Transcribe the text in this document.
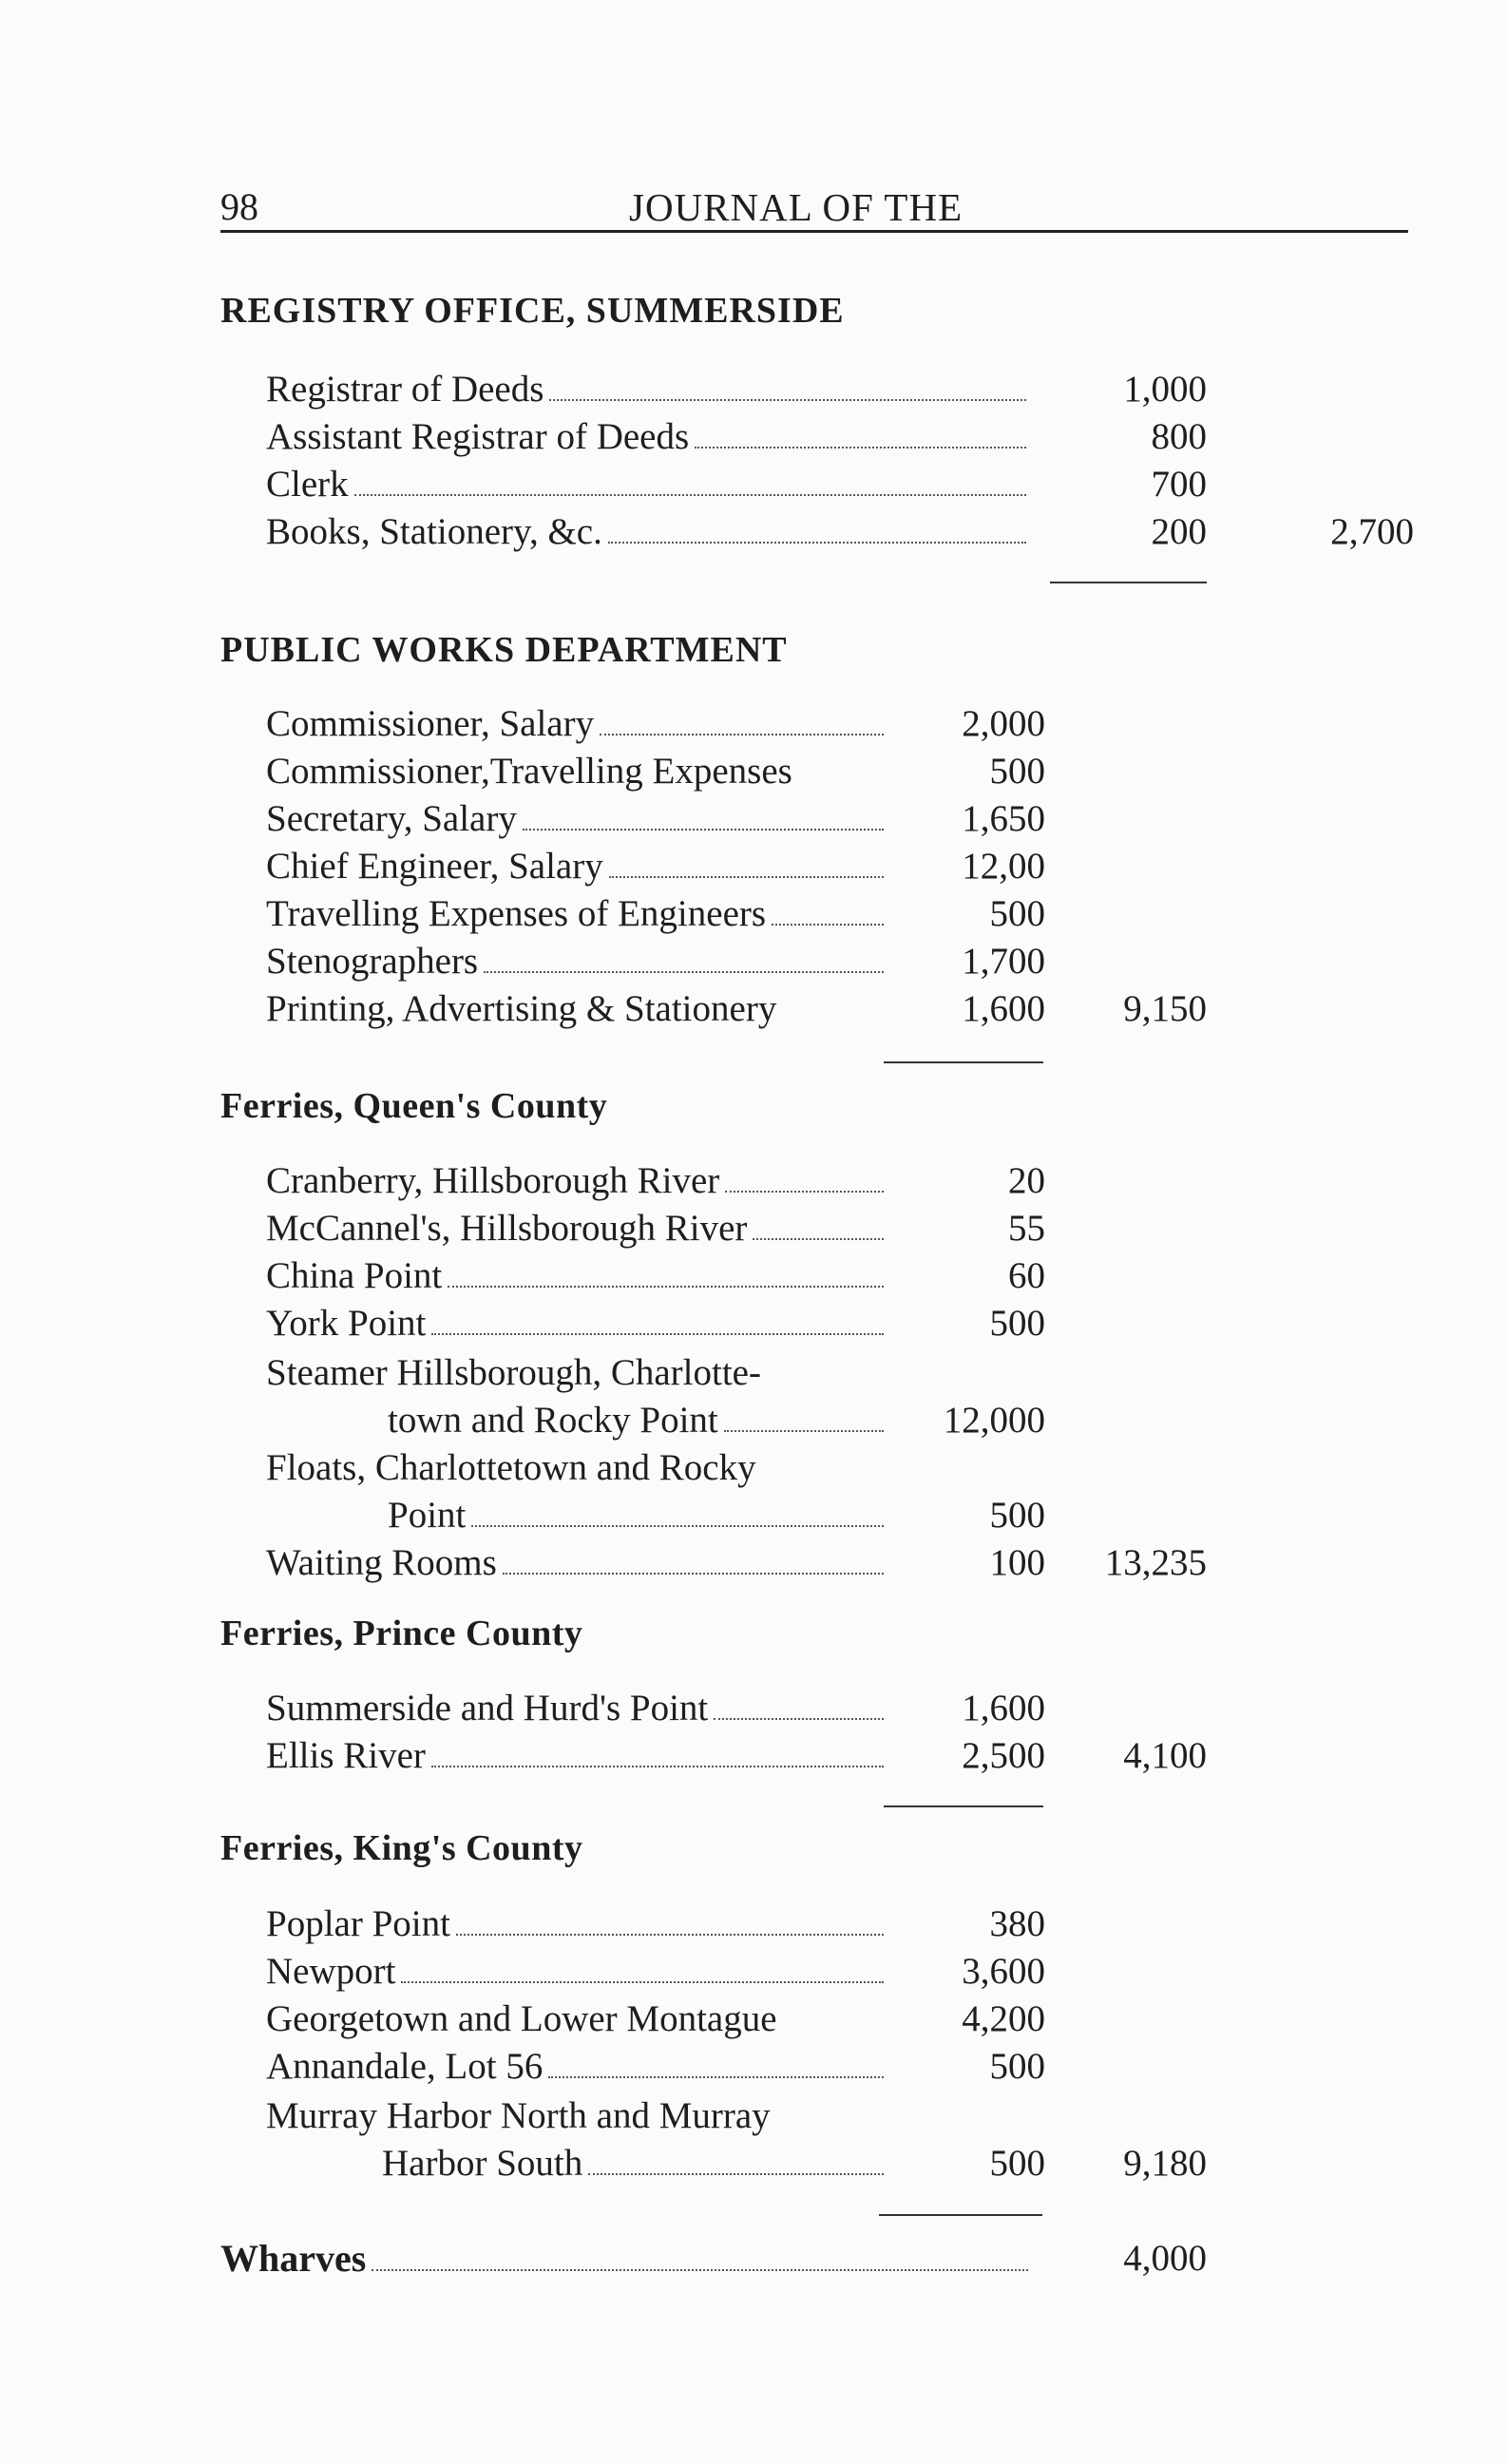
98	JOURNAL OF THE
REGISTRY OFFICE, SUMMERSIDE
Registrar of Deeds	1,000
Assistant Registrar of Deeds	800
Clerk	700
Books, Stationery, &c.	200	2,700
PUBLIC WORKS DEPARTMENT
Commissioner, Salary	2,000
Commissioner,Travelling Expenses	500
Secretary, Salary	1,650
Chief Engineer, Salary	12,00
Travelling Expenses of Engineers	500
Stenographers	1,700
Printing, Advertising & Stationery	1,600	9,150
Ferries, Queen's County
Cranberry, Hillsborough River	20
McCannel's, Hillsborough River	55
China Point	60
York Point	500
Steamer Hillsborough, Charlotte-
town and Rocky Point	12,000
Floats, Charlottetown and Rocky
Point	500
Waiting Rooms	100	13,235
Ferries, Prince County
Summerside and Hurd's Point	1,600
Ellis River	2,500	4,100
Ferries, King's County
Poplar Point	380
Newport	3,600
Georgetown and Lower Montague	4,200
Annandale, Lot 56	500
Murray Harbor North and Murray
Harbor South	500	9,180
Wharves	4,000
